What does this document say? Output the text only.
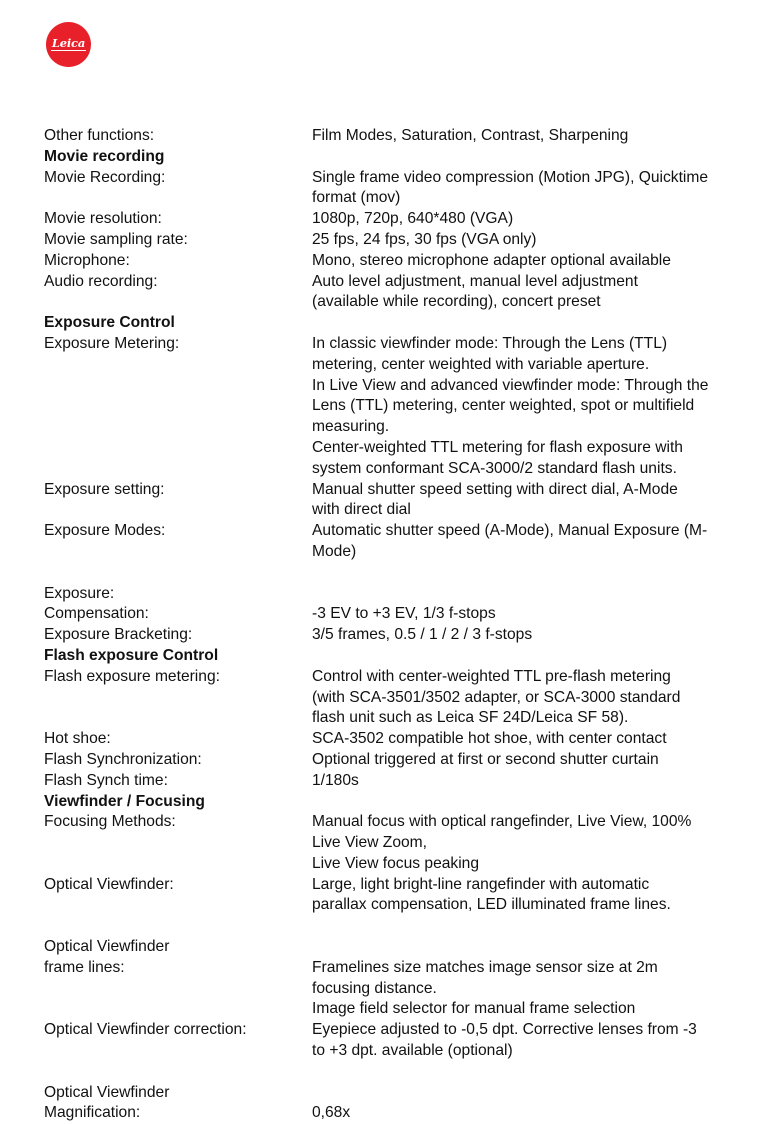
Leica
Other functions:	Film Modes, Saturation, Contrast, Sharpening
Movie recording
Movie Recording:	Single frame video compression (Motion JPG), Quicktime
format (mov)
Movie resolution:	1080p, 720p, 640*480 (VGA)
Movie sampling rate:	25 fps, 24 fps, 30 fps (VGA only)
Microphone:	Mono, stereo microphone adapter optional available
Audio recording:	Auto level adjustment, manual level adjustment
(available while recording), concert preset
Exposure Control
Exposure Metering:	In classic viewfinder mode: Through the Lens (TTL)
metering, center weighted with variable aperture.
In Live View and advanced viewfinder mode: Through the
Lens (TTL) metering, center weighted, spot or multifield
measuring.
Center-weighted TTL metering for flash exposure with
system conformant SCA-3000/2 standard flash units.
Exposure setting:	Manual shutter speed setting with direct dial, A-Mode
with direct dial
Exposure Modes:	Automatic shutter speed (A-Mode), Manual Exposure (M-
Mode)

Exposure:
Compensation:	-3 EV to +3 EV, 1/3 f-stops
Exposure Bracketing:	3/5 frames, 0.5 / 1 / 2 / 3 f-stops
Flash exposure Control
Flash exposure metering:	Control with center-weighted TTL pre-flash metering
(with SCA-3501/3502 adapter, or SCA-3000 standard
flash unit such as Leica SF 24D/Leica SF 58).
Hot shoe:	SCA-3502 compatible hot shoe, with center contact
Flash Synchronization:	Optional triggered at first or second shutter curtain
Flash Synch time:	1/180s
Viewfinder / Focusing
Focusing Methods:	Manual focus with optical rangefinder, Live View, 100%
Live View Zoom,
Live View focus peaking
Optical Viewfinder:	Large, light bright-line rangefinder with automatic
parallax compensation, LED illuminated frame lines.

Optical Viewfinder
frame lines:	Framelines size matches image sensor size at 2m
focusing distance.
Image field selector for manual frame selection
Optical Viewfinder correction:	Eyepiece adjusted to -0,5 dpt. Corrective lenses from -3
to +3 dpt. available (optional)

Optical Viewfinder
Magnification:	0,68x
